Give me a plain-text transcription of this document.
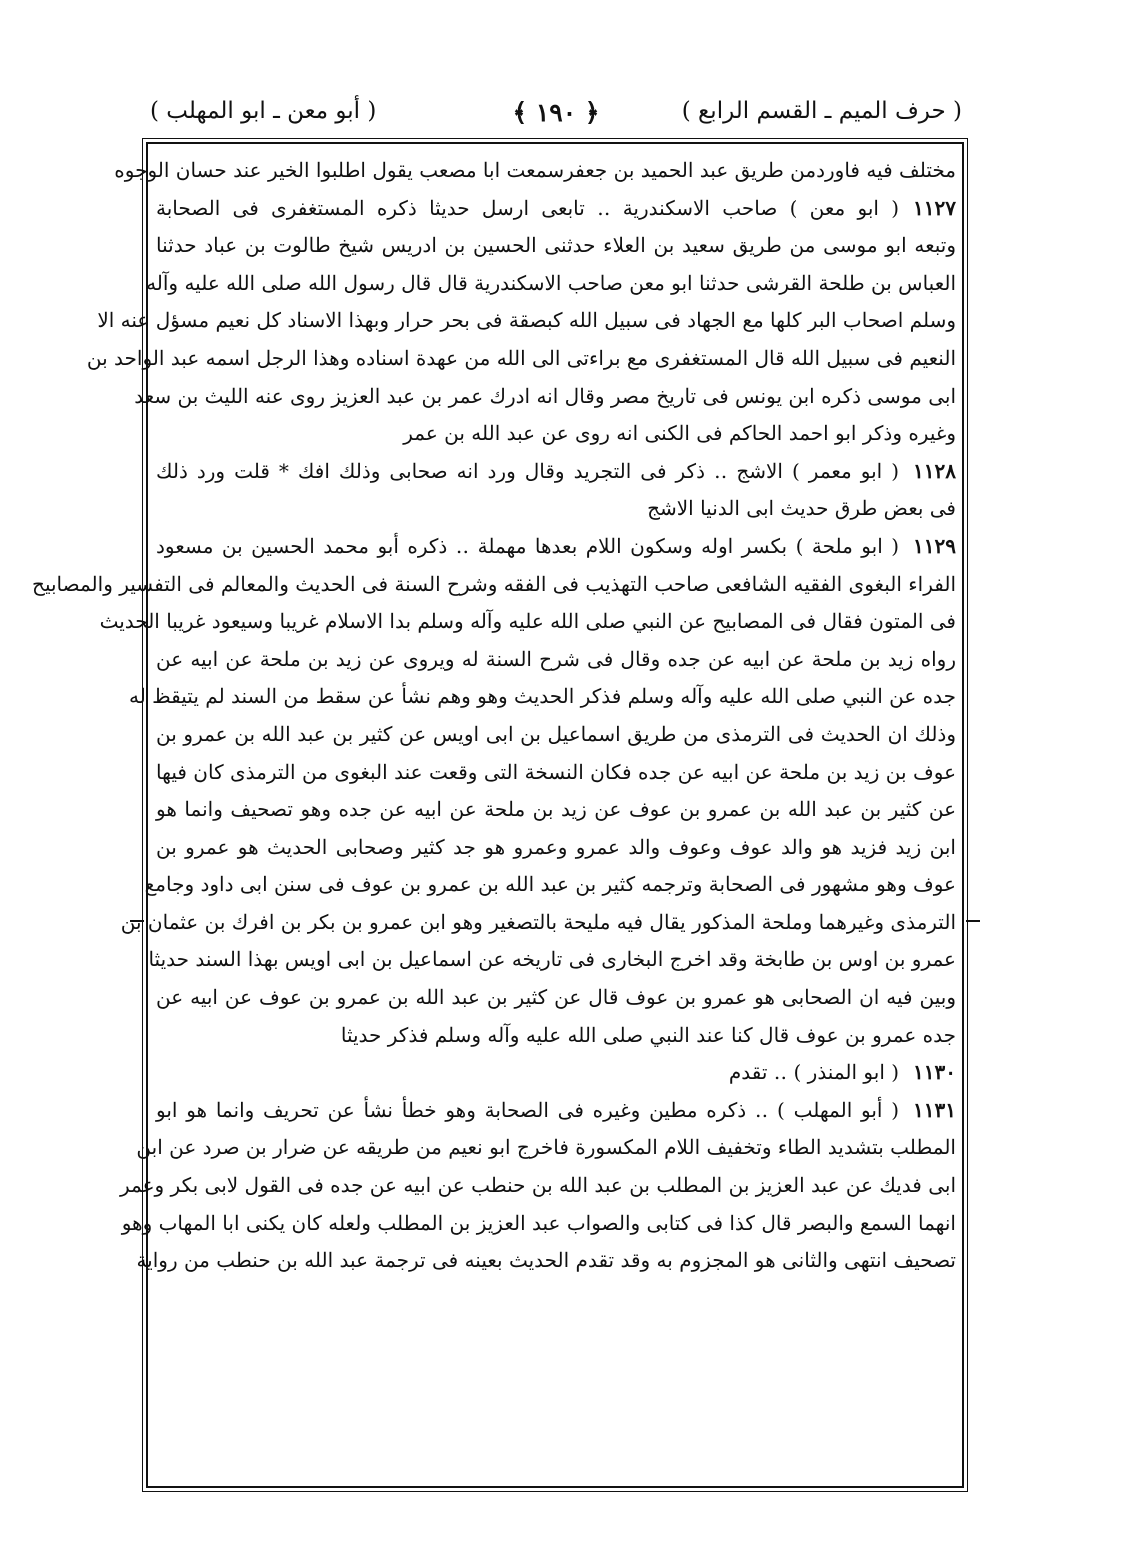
( حرف الميم ـ القسم الرابع )
﴿ ١٩٠ ﴾
( أبو معن ـ ابو المهلب )
مختلف فيه فاوردمن طريق عبد الحميد بن جعفرسمعت ابا مصعب يقول اطلبوا الخير عند حسان الوجوه
١١٢٧( ابو معن ) صاحب الاسكندرية ‥ تابعى ارسل حديثا ذكره المستغفرى فى الصحابة
وتبعه ابو موسى من طريق سعيد بن العلاء حدثنى الحسين بن ادريس شيخ طالوت بن عباد حدثنا
العباس بن طلحة القرشى حدثنا ابو معن صاحب الاسكندرية قال قال رسول الله صلى الله عليه وآله
وسلم اصحاب البر كلها مع الجهاد فى سبيل الله كبصقة فى بحر حرار وبهذا الاسناد كل نعيم مسؤل عنه الا
النعيم فى سبيل الله قال المستغفرى مع براءتى الى الله من عهدة اسناده وهذا الرجل اسمه عبد الواحد بن
ابى موسى ذكره ابن يونس فى تاريخ مصر وقال انه ادرك عمر بن عبد العزيز روى عنه الليث بن سعد
وغيره وذكر ابو احمد الحاكم فى الكنى انه روى عن عبد الله بن عمر
١١٢٨( ابو معمر ) الاشج ‥ ذكر فى التجريد وقال ورد انه صحابى وذلك افك * قلت ورد ذلك
فى بعض طرق حديث ابى الدنيا الاشج
١١٢٩( ابو ملحة ) بكسر اوله وسكون اللام بعدها مهملة ‥ ذكره أبو محمد الحسين بن مسعود
الفراء البغوى الفقيه الشافعى صاحب التهذيب فى الفقه وشرح السنة فى الحديث والمعالم فى التفسير والمصابيح
فى المتون فقال فى المصابيح عن النبي صلى الله عليه وآله وسلم بدا الاسلام غريبا وسيعود غريبا الحديث
رواه زيد بن ملحة عن ابيه عن جده وقال فى شرح السنة له ويروى عن زيد بن ملحة عن ابيه عن
جده عن النبي صلى الله عليه وآله وسلم فذكر الحديث وهو وهم نشأ عن سقط من السند لم يتيقظ له
وذلك ان الحديث فى الترمذى من طريق اسماعيل بن ابى اويس عن كثير بن عبد الله بن عمرو بن
عوف بن زيد بن ملحة عن ابيه عن جده فكان النسخة التى وقعت عند البغوى من الترمذى كان فيها
عن كثير بن عبد الله بن عمرو بن عوف عن زيد بن ملحة عن ابيه عن جده وهو تصحيف وانما هو
ابن زيد فزيد هو والد عوف وعوف والد عمرو وعمرو هو جد كثير وصحابى الحديث هو عمرو بن
عوف وهو مشهور فى الصحابة وترجمه كثير بن عبد الله بن عمرو بن عوف فى سنن ابى داود وجامع
الترمذى وغيرهما وملحة المذكور يقال فيه مليحة بالتصغير وهو ابن عمرو بن بكر بن افرك بن عثمان بن
عمرو بن اوس بن طابخة وقد اخرج البخارى فى تاريخه عن اسماعيل بن ابى اويس بهذا السند حديثا
وبين فيه ان الصحابى هو عمرو بن عوف قال عن كثير بن عبد الله بن عمرو بن عوف عن ابيه عن
جده عمرو بن عوف قال كنا عند النبي صلى الله عليه وآله وسلم فذكر حديثا
١١٣٠( ابو المنذر ) ‥ تقدم
١١٣١( أبو المهلب ) ‥ ذكره مطين وغيره فى الصحابة وهو خطأ نشأ عن تحريف وانما هو ابو
المطلب بتشديد الطاء وتخفيف اللام المكسورة فاخرج ابو نعيم من طريقه عن ضرار بن صرد عن ابن
ابى فديك عن عبد العزيز بن المطلب بن عبد الله بن حنطب عن ابيه عن جده فى القول لابى بكر وعمر
انهما السمع والبصر قال كذا فى كتابى والصواب عبد العزيز بن المطلب ولعله كان يكنى ابا المهاب وهو
تصحيف انتهى والثانى هو المجزوم به وقد تقدم الحديث بعينه فى ترجمة عبد الله بن حنطب من رواية
